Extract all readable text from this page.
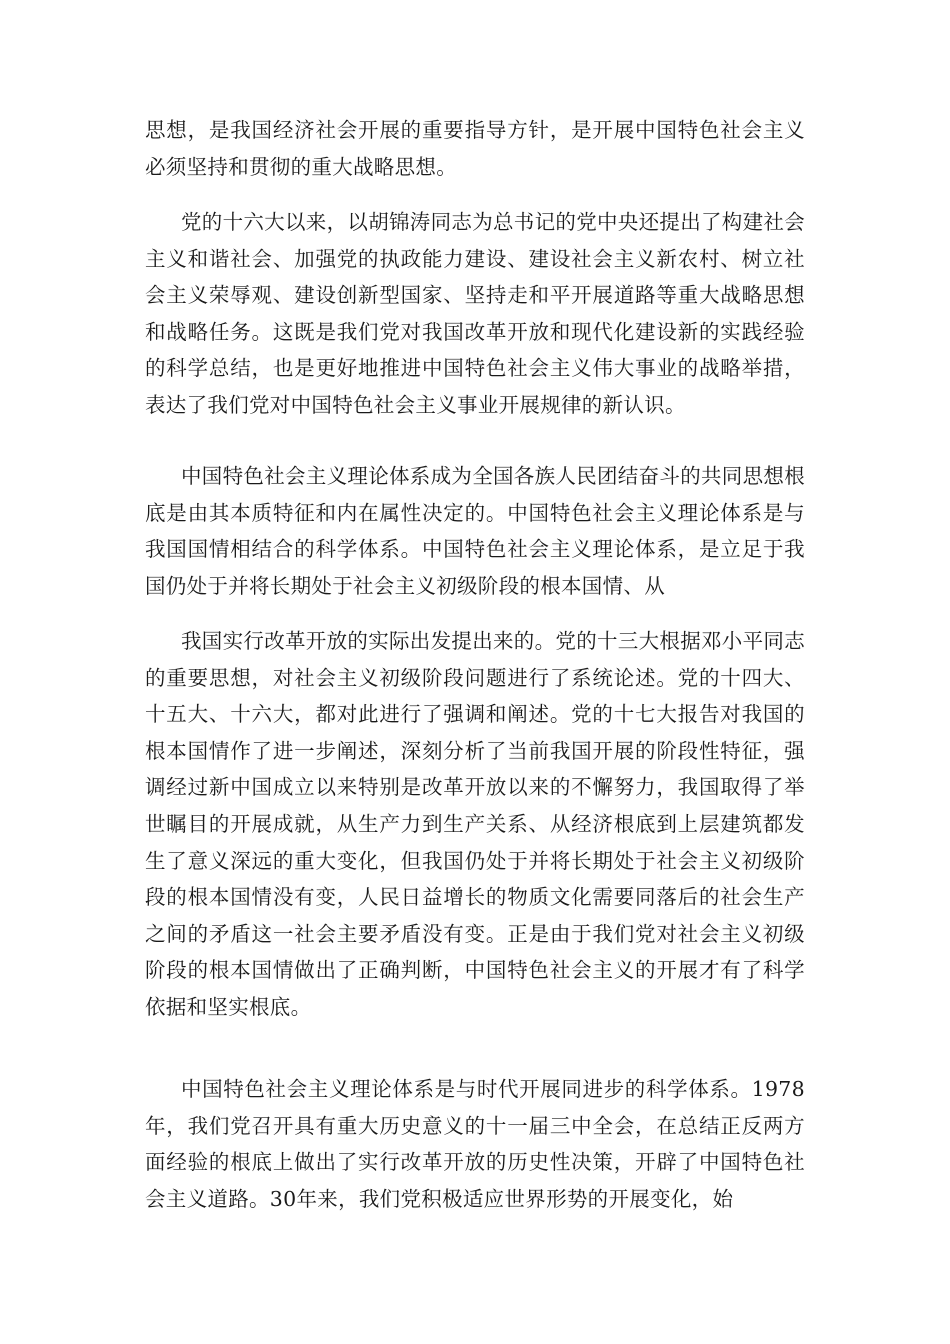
思想，是我国经济社会开展的重要指导方针，是开展中国特色社会主义必须坚持和贯彻的重大战略思想。

党的十六大以来，以胡锦涛同志为总书记的党中央还提出了构建社会主义和谐社会、加强党的执政能力建设、建设社会主义新农村、树立社会主义荣辱观、建设创新型国家、坚持走和平开展道路等重大战略思想和战略任务。这既是我们党对我国改革开放和现代化建设新的实践经验的科学总结，也是更好地推进中国特色社会主义伟大事业的战略举措，表达了我们党对中国特色社会主义事业开展规律的新认识。

中国特色社会主义理论体系成为全国各族人民团结奋斗的共同思想根底是由其本质特征和内在属性决定的。中国特色社会主义理论体系是与我国国情相结合的科学体系。中国特色社会主义理论体系，是立足于我国仍处于并将长期处于社会主义初级阶段的根本国情、从

我国实行改革开放的实际出发提出来的。党的十三大根据邓小平同志的重要思想，对社会主义初级阶段问题进行了系统论述。党的十四大、十五大、十六大，都对此进行了强调和阐述。党的十七大报告对我国的根本国情作了进一步阐述，深刻分析了当前我国开展的阶段性特征，强调经过新中国成立以来特别是改革开放以来的不懈努力，我国取得了举世瞩目的开展成就，从生产力到生产关系、从经济根底到上层建筑都发生了意义深远的重大变化，但我国仍处于并将长期处于社会主义初级阶段的根本国情没有变，人民日益增长的物质文化需要同落后的社会生产之间的矛盾这一社会主要矛盾没有变。正是由于我们党对社会主义初级阶段的根本国情做出了正确判断，中国特色社会主义的开展才有了科学依据和坚实根底。

中国特色社会主义理论体系是与时代开展同进步的科学体系。1978年，我们党召开具有重大历史意义的十一届三中全会，在总结正反两方面经验的根底上做出了实行改革开放的历史性决策，开辟了中国特色社会主义道路。30年来，我们党积极适应世界形势的开展变化，始
